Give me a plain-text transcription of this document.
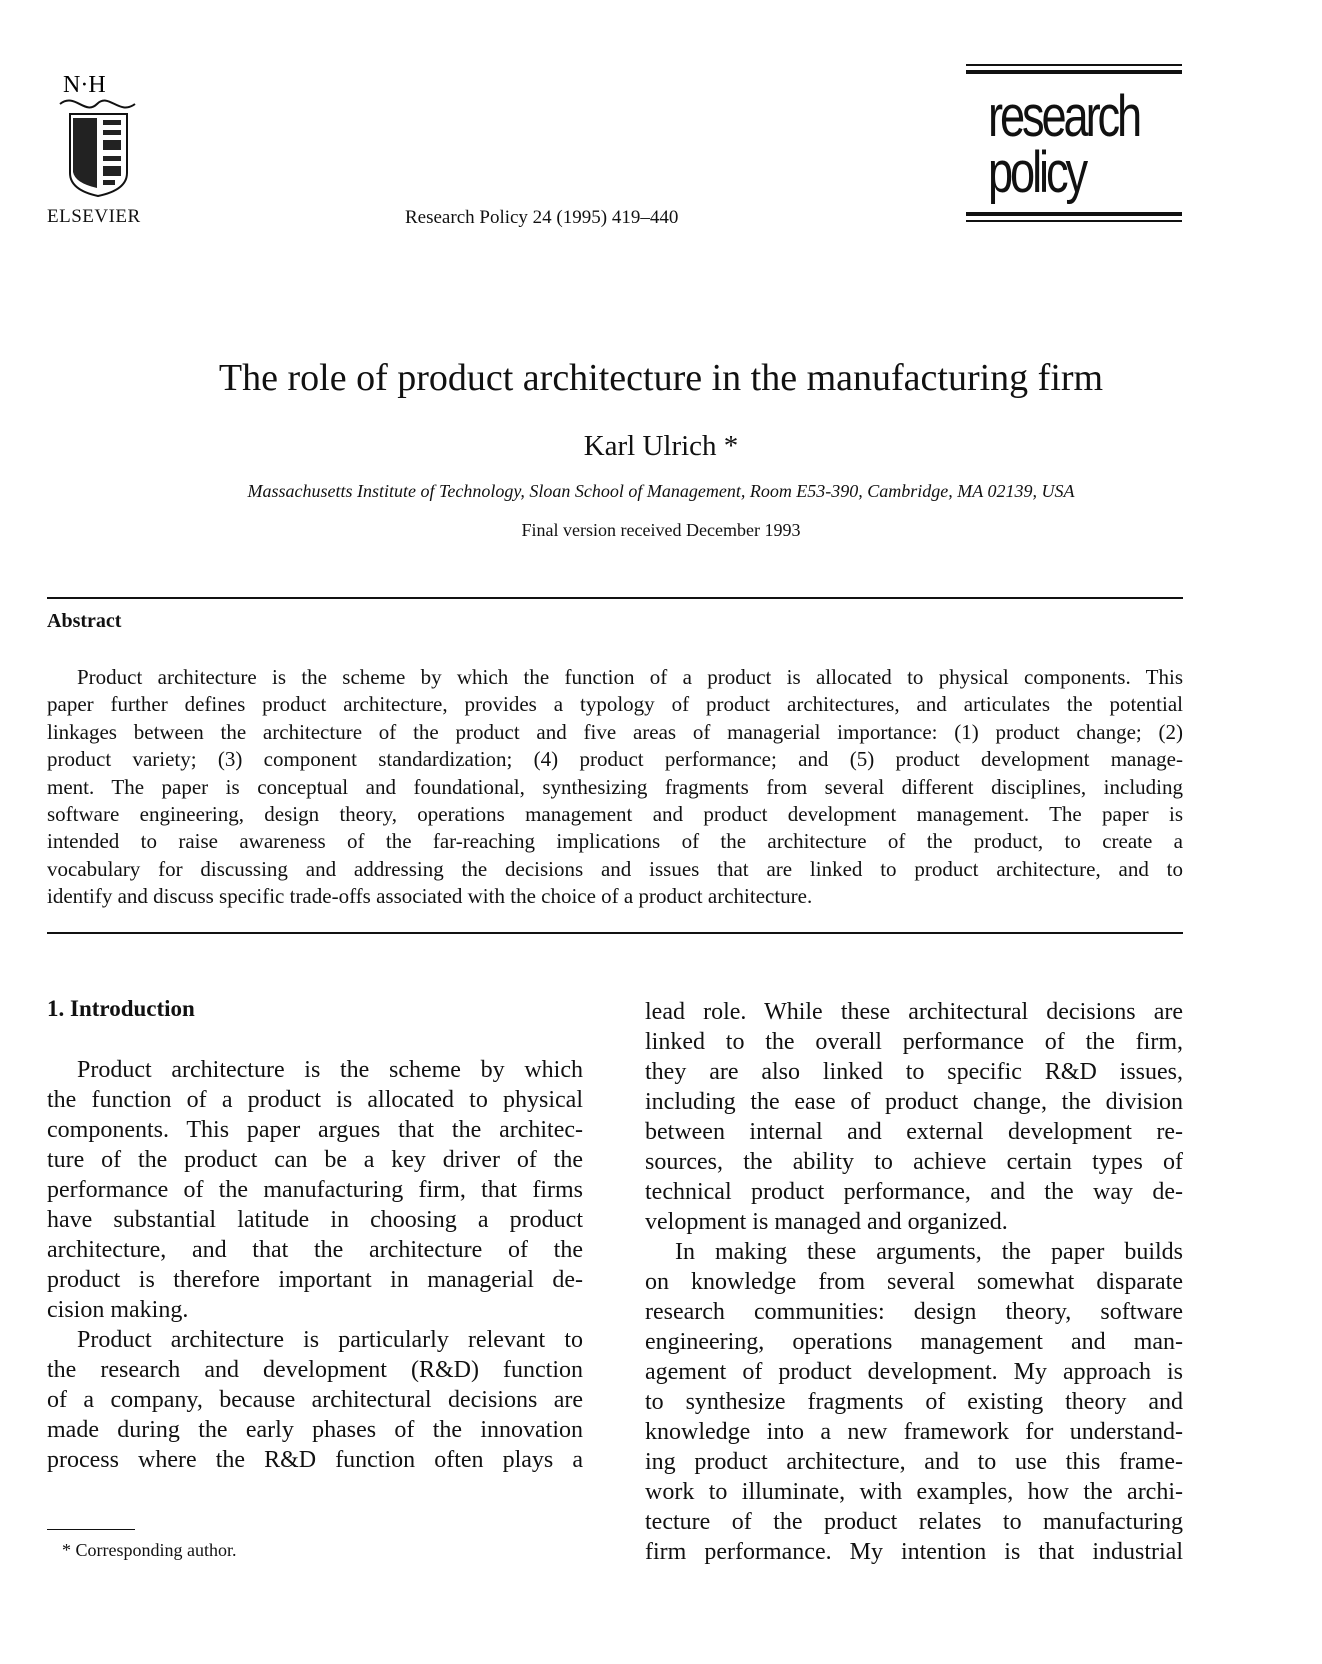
N·H
ELSEVIER	Research Policy 24 (1995) 419–440
research
policy
The role of product architecture in the manufacturing firm
Karl Ulrich *
Massachusetts Institute of Technology, Sloan School of Management, Room E53-390, Cambridge, MA 02139, USA
Final version received December 1993
Abstract
Product architecture is the scheme by which the function of a product is allocated to physical components. This
paper further defines product architecture, provides a typology of product architectures, and articulates the potential
linkages between the architecture of the product and five areas of managerial importance: (1) product change; (2)
product variety; (3) component standardization; (4) product performance; and (5) product development manage-
ment. The paper is conceptual and foundational, synthesizing fragments from several different disciplines, including
software engineering, design theory, operations management and product development management. The paper is
intended to raise awareness of the far-reaching implications of the architecture of the product, to create a
vocabulary for discussing and addressing the decisions and issues that are linked to product architecture, and to
identify and discuss specific trade-offs associated with the choice of a product architecture.
1. Introduction
Product architecture is the scheme by which
the function of a product is allocated to physical
components. This paper argues that the architec-
ture of the product can be a key driver of the
performance of the manufacturing firm, that firms
have substantial latitude in choosing a product
architecture, and that the architecture of the
product is therefore important in managerial de-
cision making.
Product architecture is particularly relevant to
the research and development (R&D) function
of a company, because architectural decisions are
made during the early phases of the innovation
process where the R&D function often plays a
lead role. While these architectural decisions are
linked to the overall performance of the firm,
they are also linked to specific R&D issues,
including the ease of product change, the division
between internal and external development re-
sources, the ability to achieve certain types of
technical product performance, and the way de-
velopment is managed and organized.
In making these arguments, the paper builds
on knowledge from several somewhat disparate
research communities: design theory, software
engineering, operations management and man-
agement of product development. My approach is
to synthesize fragments of existing theory and
knowledge into a new framework for understand-
ing product architecture, and to use this frame-
work to illuminate, with examples, how the archi-
tecture of the product relates to manufacturing
firm performance. My intention is that industrial
* Corresponding author.
